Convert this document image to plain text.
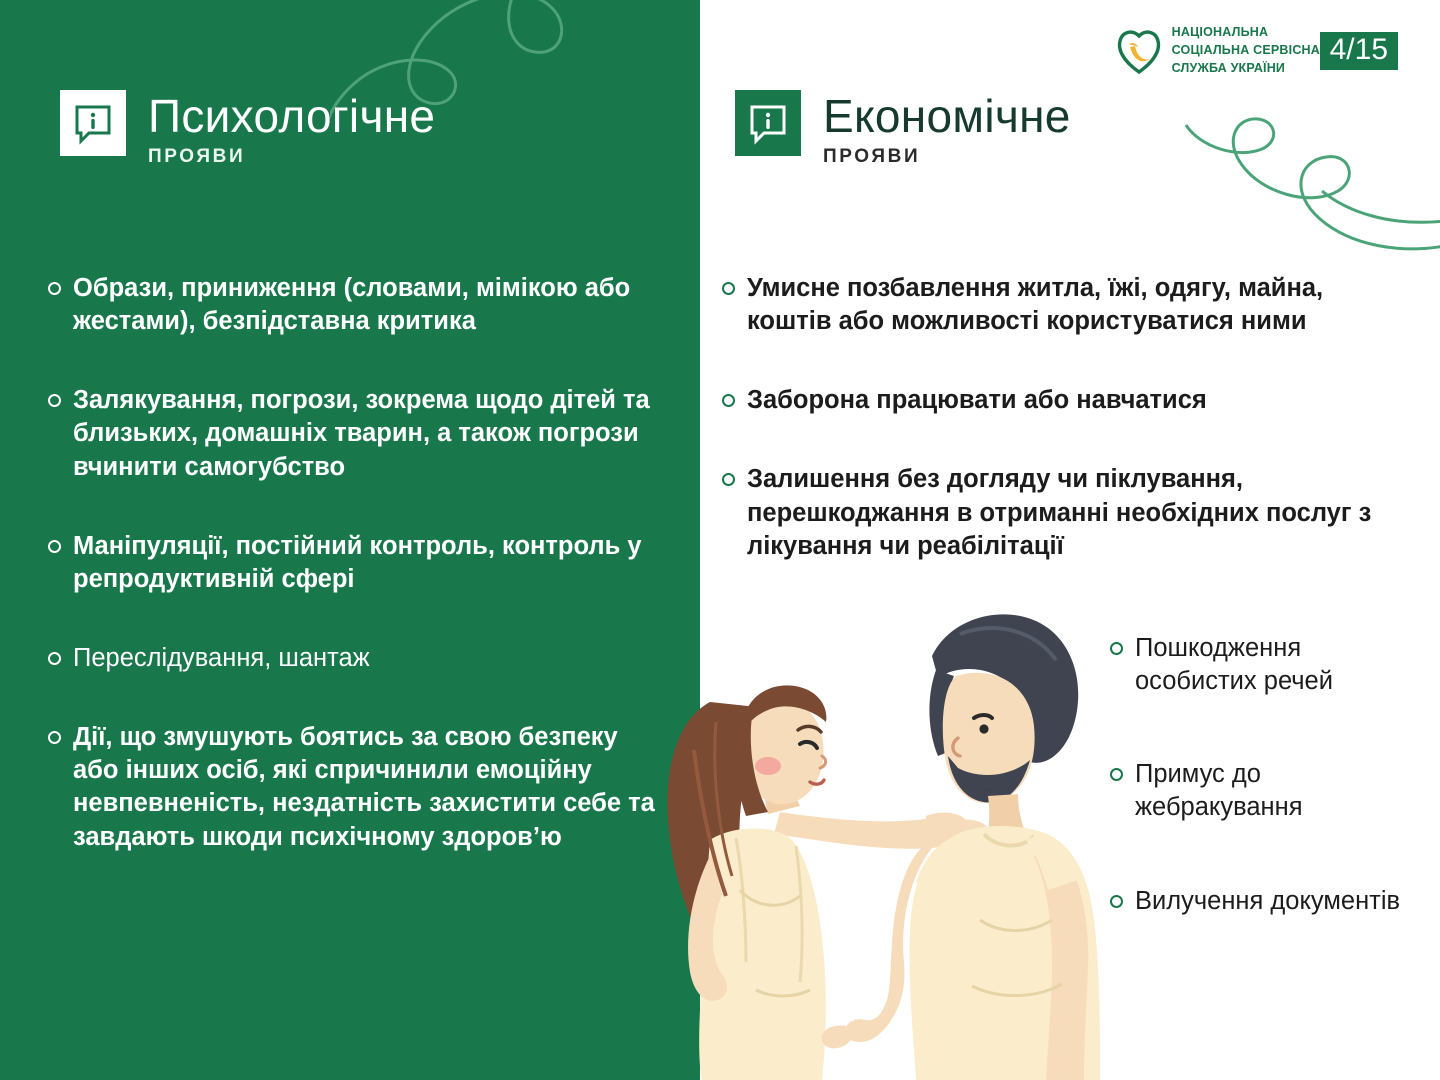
НАЦІОНАЛЬНА
СОЦІАЛЬНА СЕРВІСНА
СЛУЖБА УКРАЇНИ
4/15
Психологічне
ПРОЯВИ
Економічне
ПРОЯВИ
Образи, приниження (словами, мімікою або жестами), безпідставна критика
Залякування, погрози, зокрема щодо дітей та близьких, домашніх тварин, а також погрози вчинити самогубство
Манiпуляції, постійний контроль, контроль у репродуктивній сфері
Переслідування, шантаж
Дії, що змушують боятись за свою безпеку або інших осіб, які спричинили емоційну невпевненість, нездатність захистити себе та завдають шкоди психічному здоров’ю
Умисне позбавлення житла, їжі, одягу, майна, коштів або можливості користуватися ними
Заборона працювати або навчатися
Залишення без догляду чи піклування, перешкоджання в отриманні необхідних послуг з лікування чи реабілітації
Пошкодження особистих речей
Примус до жебракування
Вилучення документів
